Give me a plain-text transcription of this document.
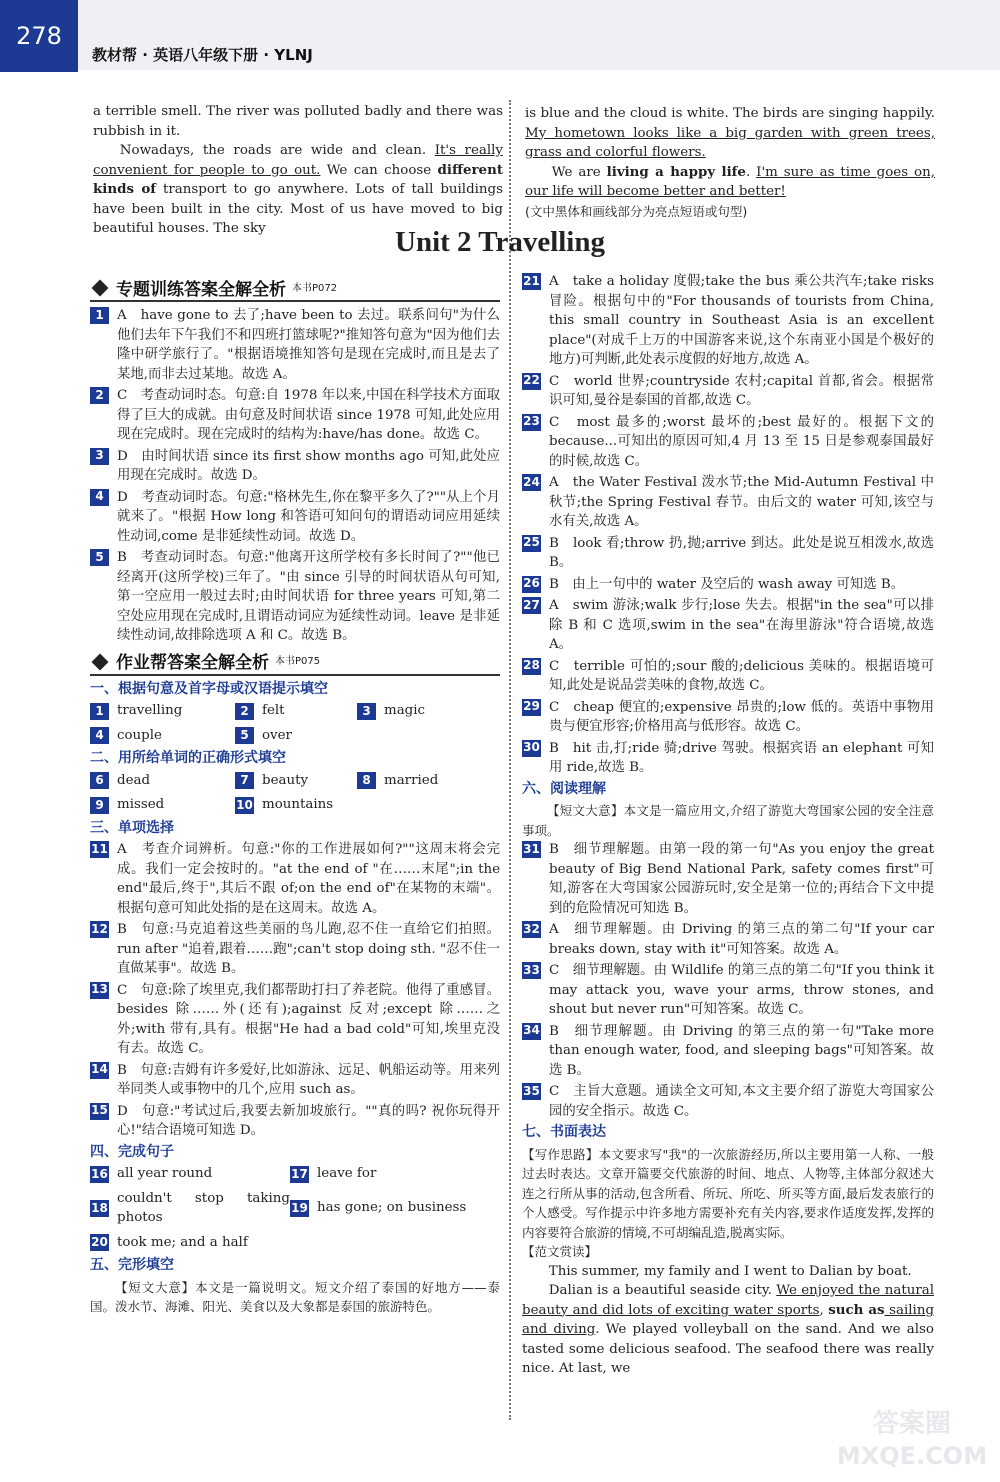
278
教材帮 · 英语八年级下册 · YLNJ

a terrible smell. The river was polluted badly and there was rubbish in it.

Nowadays, the roads are wide and clean. It's really convenient for people to go out. We can choose different kinds of transport to go anywhere. Lots of tall buildings have been built in the city. Most of us have moved to big beautiful houses. The sky

is blue and the cloud is white. The birds are singing happily. My hometown looks like a big garden with green trees, grass and colorful flowers.

We are living a happy life. I'm sure as time goes on, our life will become better and better!

(文中黑体和画线部分为亮点短语或句型)

Unit 2 Travelling
专题训练答案全解全析 本书P072
1 A　have gone to 去了;have been to 去过。联系问句"为什么他们去年下午我们不和四班打篮球呢?"推知答句意为"因为他们去隆中研学旅行了。"根据语境推知答句是现在完成时,而且是去了某地,而非去过某地。故选 A。
2 C　考查动词时态。句意:自 1978 年以来,中国在科学技术方面取得了巨大的成就。由句意及时间状语 since 1978 可知,此处应用现在完成时。现在完成时的结构为:have/has done。故选 C。
3 D　由时间状语 since its first show months ago 可知,此处应用现在完成时。故选 D。
4 D　考查动词时态。句意:"格林先生,你在黎平多久了?""从上个月就来了。"根据 How long 和答语可知问句的谓语动词应用延续性动词,come 是非延续性动词。故选 D。
5 B　考查动词时态。句意:"他离开这所学校有多长时间了?""他已经离开(这所学校)三年了。"由 since 引导的时间状语从句可知,第一空应用一般过去时;由时间状语 for three years 可知,第二空处应用现在完成时,且谓语动词应为延续性动词。leave 是非延续性动词,故排除选项 A 和 C。故选 B。
作业帮答案全解全析 本书P075
一、根据句意及首字母或汉语提示填空
1 travelling	2 felt	3 magic
4 couple	5 over
二、用所给单词的正确形式填空
6 dead	7 beauty	8 married
9 missed	10 mountains
三、单项选择
11 A　考查介词辨析。句意:"你的工作进展如何?""这周末将会完成。我们一定会按时的。"at the end of "在……末尾";in the end"最后,终于",其后不跟 of;on the end of"在某物的末端"。根据句意可知此处指的是在这周末。故选 A。
12 B　句意:马克追着这些美丽的鸟儿跑,忍不住一直给它们拍照。run after "追着,跟着……跑";can't stop doing sth. "忍不住一直做某事"。故选 B。
13 C　句意:除了埃里克,我们都帮助打扫了养老院。他得了重感冒。besides 除……外(还有);against 反对;except 除……之外;with 带有,具有。根据"He had a bad cold"可知,埃里克没有去。故选 C。
14 B　句意:吉姆有许多爱好,比如游泳、远足、帆船运动等。用来列举同类人或事物中的几个,应用 such as。
15 D　句意:"考试过后,我要去新加坡旅行。""真的吗? 祝你玩得开心!"结合语境可知选 D。
四、完成句子
16 all year round	17 leave for
18
couldn't stop taking photos
19 has gone; on business
20 took me; and a half
五、完形填空

【短文大意】本文是一篇说明文。短文介绍了泰国的好地方——泰国。泼水节、海滩、阳光、美食以及大象都是泰国的旅游特色。

21 A　take a holiday 度假;take the bus 乘公共汽车;take risks 冒险。根据句中的"For thousands of tourists from China, this small country in Southeast Asia is an excellent place"(对成千上万的中国游客来说,这个东南亚小国是个极好的地方)可判断,此处表示度假的好地方,故选 A。
22 C　world 世界;countryside 农村;capital 首都,省会。根据常识可知,曼谷是泰国的首都,故选 C。
23 C　most 最多的;worst 最坏的;best 最好的。根据下文的 because...可知出的原因可知,4 月 13 至 15 日是参观泰国最好的时候,故选 C。
24 A　the Water Festival 泼水节;the Mid-Autumn Festival 中秋节;the Spring Festival 春节。由后文的 water 可知,该空与水有关,故选 A。
25 B　look 看;throw 扔,抛;arrive 到达。此处是说互相泼水,故选 B。
26 B　由上一句中的 water 及空后的 wash away 可知选 B。
27 A　swim 游泳;walk 步行;lose 失去。根据"in the sea"可以排除 B 和 C 选项,swim in the sea"在海里游泳"符合语境,故选 A。
28 C　terrible 可怕的;sour 酸的;delicious 美味的。根据语境可知,此处是说品尝美味的食物,故选 C。
29 C　cheap 便宜的;expensive 昂贵的;low 低的。英语中事物用贵与便宜形容;价格用高与低形容。故选 C。
30 B　hit 击,打;ride 骑;drive 驾驶。根据宾语 an elephant 可知用 ride,故选 B。
六、阅读理解

【短文大意】本文是一篇应用文,介绍了游览大弯国家公园的安全注意事项。

31 B　细节理解题。由第一段的第一句"As you enjoy the great beauty of Big Bend National Park, safety comes first"可知,游客在大弯国家公园游玩时,安全是第一位的;再结合下文中提到的危险情况可知选 B。
32 A　细节理解题。由 Driving 的第三点的第二句"If your car breaks down, stay with it"可知答案。故选 A。
33 C　细节理解题。由 Wildlife 的第三点的第二句"If you think it may attack you, wave your arms, throw stones, and shout but never run"可知答案。故选 C。
34 B　细节理解题。由 Driving 的第三点的第一句"Take more than enough water, food, and sleeping bags"可知答案。故选 B。
35 C　主旨大意题。通读全文可知,本文主要介绍了游览大弯国家公园的安全指示。故选 C。
七、书面表达

【写作思路】本文要求写"我"的一次旅游经历,所以主要用第一人称、一般过去时表达。文章开篇要交代旅游的时间、地点、人物等,主体部分叙述大连之行所从事的活动,包含所看、所玩、所吃、所买等方面,最后发表旅行的个人感受。写作提示中许多地方需要补充有关内容,要求作适度发挥,发挥的内容要符合旅游的情境,不可胡编乱造,脱离实际。

【范文赏读】

This summer, my family and I went to Dalian by boat.

Dalian is a beautiful seaside city. We enjoyed the natural beauty and did lots of exciting water sports, such as sailing and diving. We played volleyball on the sand. And we also tasted some delicious seafood. The seafood there was really nice. At last, we

答案圈
MXQE.COM
